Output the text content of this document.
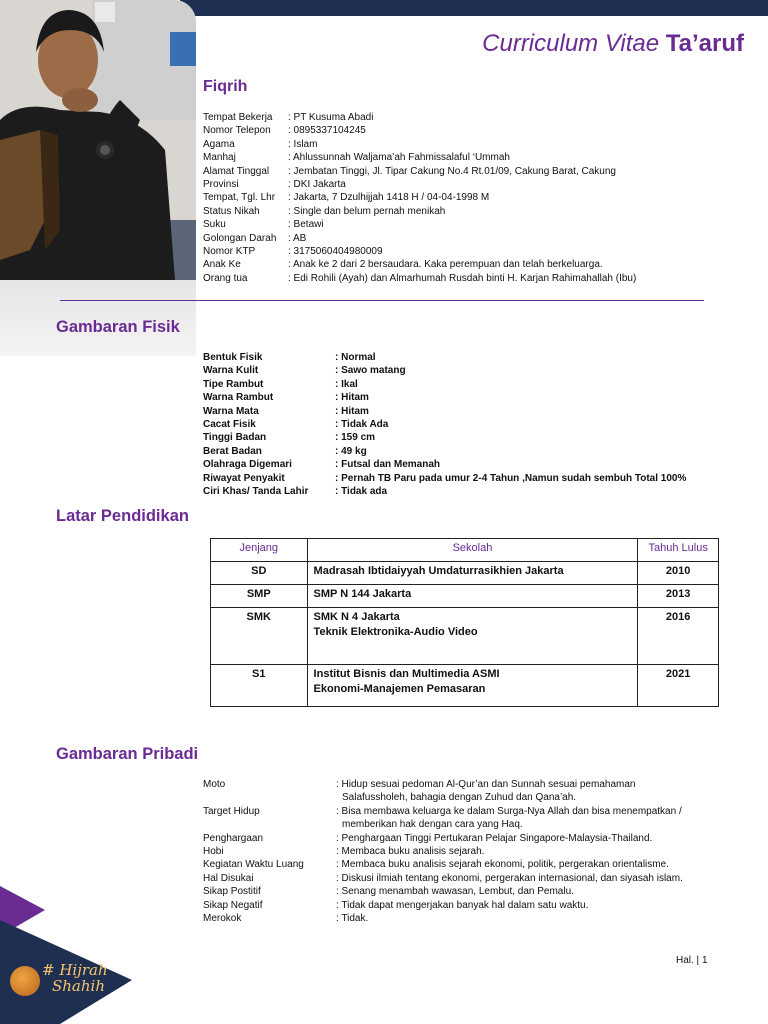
Curriculum Vitae Ta’aruf
Fiqrih
Tempat Bekerja	: PT Kusuma Abadi
Nomor Telepon	: 0895337104245
Agama	: Islam
Manhaj	: Ahlussunnah Waljama’ah Fahmissalaful ‘Ummah
Alamat Tinggal	: Jembatan Tinggi, Jl. Tipar Cakung No.4 Rt.01/09, Cakung Barat, Cakung
Provinsi	: DKI Jakarta
Tempat, Tgl. Lhr	: Jakarta, 7 Dzulhijjah 1418 H / 04-04-1998 M
Status Nikah	: Single dan belum pernah menikah
Suku	: Betawi
Golongan Darah	: AB
Nomor KTP	: 3175060404980009
Anak Ke	: Anak ke 2 dari 2 bersaudara. Kaka perempuan dan telah berkeluarga.
Orang tua	: Edi Rohili (Ayah) dan Almarhumah Rusdah binti H. Karjan Rahimahallah (Ibu)
Gambaran Fisik
Bentuk Fisik	: Normal
Warna Kulit	: Sawo matang
Tipe Rambut	: Ikal
Warna Rambut	: Hitam
Warna Mata	: Hitam
Cacat Fisik	: Tidak Ada
Tinggi Badan	: 159 cm
Berat Badan	: 49 kg
Olahraga Digemari	: Futsal dan Memanah
Riwayat Penyakit	: Pernah TB Paru pada umur 2-4 Tahun ,Namun sudah sembuh Total 100%
Ciri Khas/ Tanda Lahir	: Tidak ada
Latar Pendidikan
Jenjang	Sekolah	Tahuh Lulus
SD	Madrasah Ibtidaiyyah Umdaturrasikhien Jakarta	2010
SMP	SMP N 144 Jakarta	2013
SMK	SMK N 4 Jakarta
Teknik Elektronika-Audio Video	2016
S1	Institut Bisnis dan Multimedia ASMI
Ekonomi-Manajemen Pemasaran	2021
Gambaran Pribadi
Moto	: Hidup sesuai pedoman Al-Qur’an dan Sunnah sesuai pemahaman
Salafussholeh, bahagia dengan Zuhud dan Qana’ah.
Target Hidup	: Bisa membawa keluarga ke dalam Surga-Nya Allah dan bisa menempatkan /
memberikan hak dengan cara yang Haq.
Penghargaan	: Penghargaan Tinggi Pertukaran Pelajar Singapore-Malaysia-Thailand.
Hobi	: Membaca buku analisis sejarah.
Kegiatan Waktu Luang	: Membaca buku analisis sejarah ekonomi, politik, pergerakan orientalisme.
Hal Disukai	: Diskusi ilmiah tentang ekonomi, pergerakan internasional, dan siyasah islam.
Sikap Postitif	: Senang menambah wawasan, Lembut, dan Pemalu.
Sikap Negatif	: Tidak dapat mengerjakan banyak hal dalam satu waktu.
Merokok	: Tidak.
# Hijrah
Shahih
Hal. | 1
